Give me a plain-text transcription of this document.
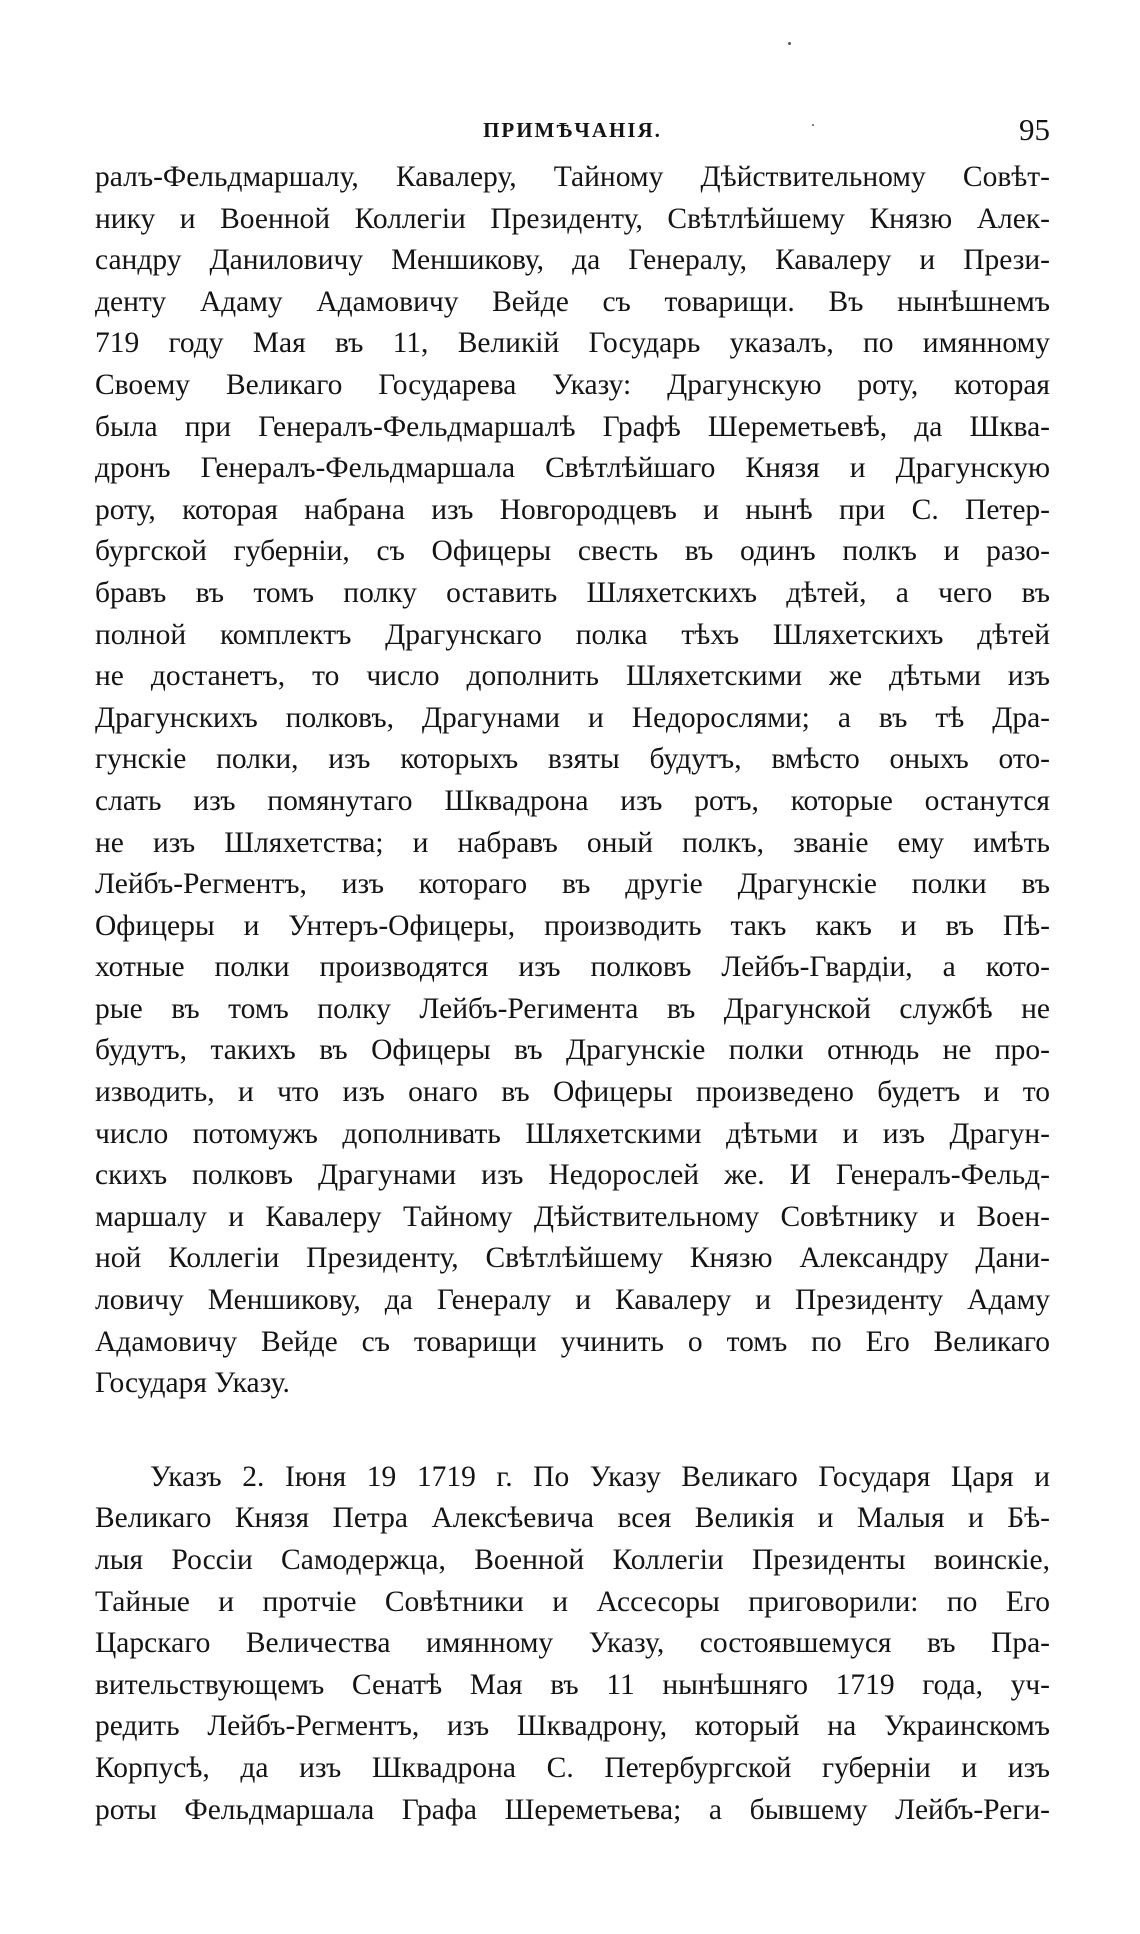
ПРИМѢЧАНІЯ.	95
ралъ-Фельдмаршалу, Кавалеру, Тайному Дѣйствительному Совѣт-
нику и Военной Коллегіи Президенту, Свѣтлѣйшему Князю Алек-
сандру Даниловичу Меншикову, да Генералу, Кавалеру и Прези-
денту Адаму Адамовичу Вейде съ товарищи. Въ нынѣшнемъ
719 году Мая въ 11, Великій Государь указалъ, по имянному
Своему Великаго Государева Указу: Драгунскую роту, которая
была при Генералъ-Фельдмаршалѣ Графѣ Шереметьевѣ, да Шква-
дронъ Генералъ-Фельдмаршала Свѣтлѣйшаго Князя и Драгунскую
роту, которая набрана изъ Новгородцевъ и нынѣ при С. Петер-
бургской губерніи, съ Офицеры свесть въ одинъ полкъ и разо-
бравъ въ томъ полку оставить Шляхетскихъ дѣтей, а чего въ
полной комплектъ Драгунскаго полка тѣхъ Шляхетскихъ дѣтей
не достанетъ, то число дополнить Шляхетскими же дѣтьми изъ
Драгунскихъ полковъ, Драгунами и Недорослями; а въ тѣ Дра-
гунскіе полки, изъ которыхъ взяты будутъ, вмѣсто оныхъ ото-
слать изъ помянутаго Шквадрона изъ ротъ, которые останутся
не изъ Шляхетства; и набравъ оный полкъ, званіе ему имѣть
Лейбъ-Регментъ, изъ котораго въ другіе Драгунскіе полки въ
Офицеры и Унтеръ-Офицеры, производить такъ какъ и въ Пѣ-
хотные полки производятся изъ полковъ Лейбъ-Гвардіи, а кото-
рые въ томъ полку Лейбъ-Регимента въ Драгунской службѣ не
будутъ, такихъ въ Офицеры въ Драгунскіе полки отнюдь не про-
изводить, и что изъ онаго въ Офицеры произведено будетъ и то
число потомужъ дополнивать Шляхетскими дѣтьми и изъ Драгун-
скихъ полковъ Драгунами изъ Недорослей же. И Генералъ-Фельд-
маршалу и Кавалеру Тайному Дѣйствительному Совѣтнику и Воен-
ной Коллегіи Президенту, Свѣтлѣйшему Князю Александру Дани-
ловичу Меншикову, да Генералу и Кавалеру и Президенту Адаму
Адамовичу Вейде съ товарищи учинить о томъ по Его Великаго
Государя Указу.
Указъ 2. Іюня 19 1719 г. По Указу Великаго Государя Царя и
Великаго Князя Петра Алексѣевича всея Великія и Малыя и Бѣ-
лыя Россіи Самодержца, Военной Коллегіи Президенты воинскіе,
Тайные и протчіе Совѣтники и Ассесоры приговорили: по Его
Царскаго Величества имянному Указу, состоявшемуся въ Пра-
вительствующемъ Сенатѣ Мая въ 11 нынѣшняго 1719 года, уч-
редить Лейбъ-Регментъ, изъ Шквадрону, который на Украинскомъ
Корпусѣ, да изъ Шквадрона С. Петербургской губерніи и изъ
роты Фельдмаршала Графа Шереметьева; а бывшему Лейбъ-Реги-
